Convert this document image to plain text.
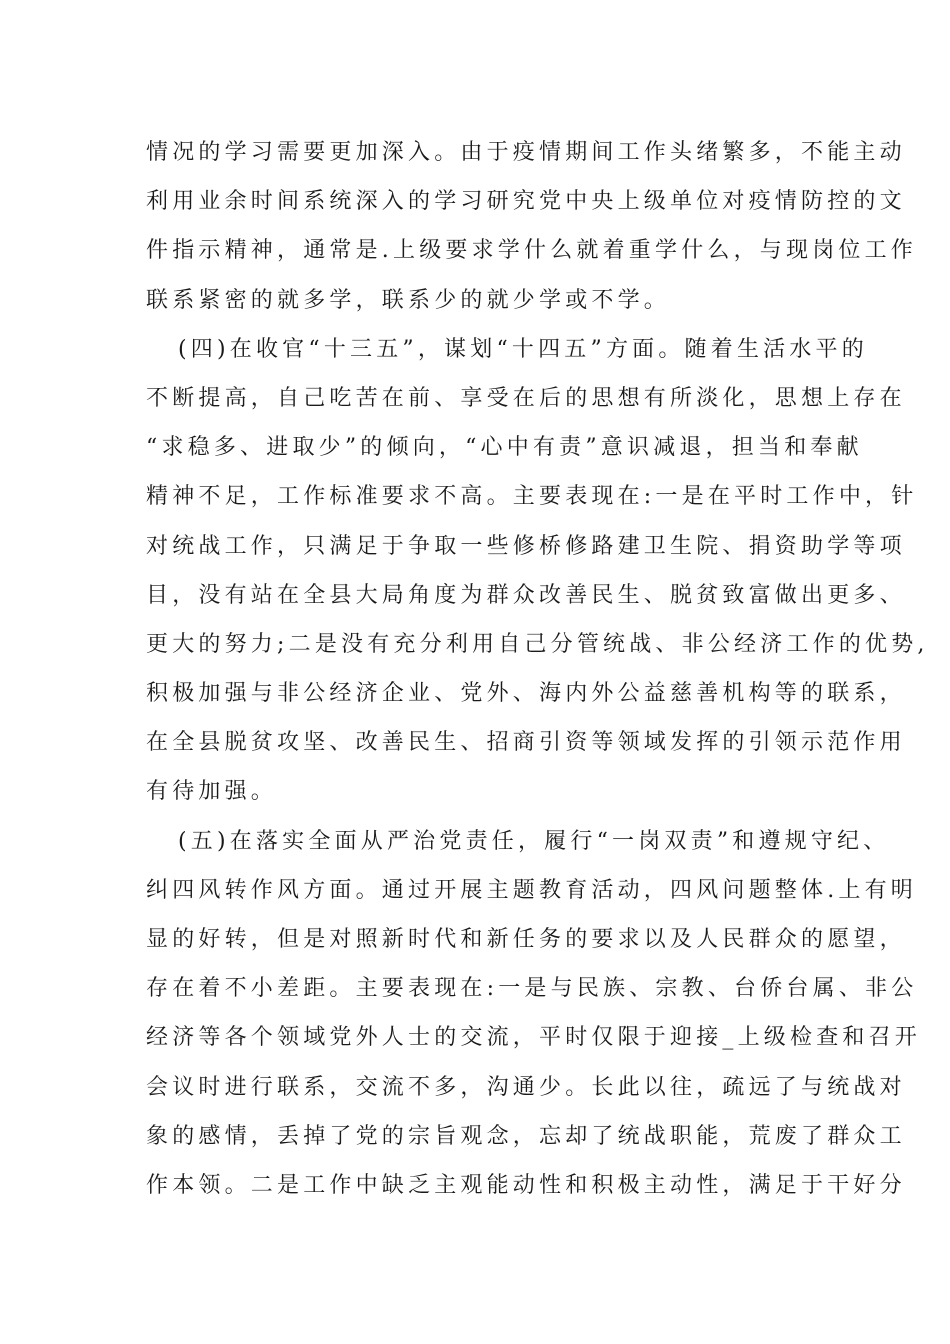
情况的学习需要更加深入。由于疫情期间工作头绪繁多，不能主动
利用业余时间系统深入的学习研究党中央上级单位对疫情防控的文
件指示精神，通常是.上级要求学什么就着重学什么，与现岗位工作
联系紧密的就多学，联系少的就少学或不学。
(四)在收官“十三五”，谋划“十四五”方面。随着生活水平的
不断提高，自己吃苦在前、享受在后的思想有所淡化，思想上存在
“求稳多、进取少”的倾向，“心中有责”意识减退，担当和奉献
精神不足，工作标准要求不高。主要表现在:一是在平时工作中，针
对统战工作，只满足于争取一些修桥修路建卫生院、捐资助学等项
目，没有站在全县大局角度为群众改善民生、脱贫致富做出更多、
更大的努力;二是没有充分利用自己分管统战、非公经济工作的优势,
积极加强与非公经济企业、党外、海内外公益慈善机构等的联系，
在全县脱贫攻坚、改善民生、招商引资等领域发挥的引领示范作用
有待加强。
(五)在落实全面从严治党责任，履行“一岗双责”和遵规守纪、
纠四风转作风方面。通过开展主题教育活动，四风问题整体.上有明
显的好转，但是对照新时代和新任务的要求以及人民群众的愿望，
存在着不小差距。主要表现在:一是与民族、宗教、台侨台属、非公
经济等各个领域党外人士的交流，平时仅限于迎接_上级检查和召开
会议时进行联系，交流不多，沟通少。长此以往，疏远了与统战对
象的感情，丢掉了党的宗旨观念，忘却了统战职能，荒废了群众工
作本领。二是工作中缺乏主观能动性和积极主动性，满足于干好分
